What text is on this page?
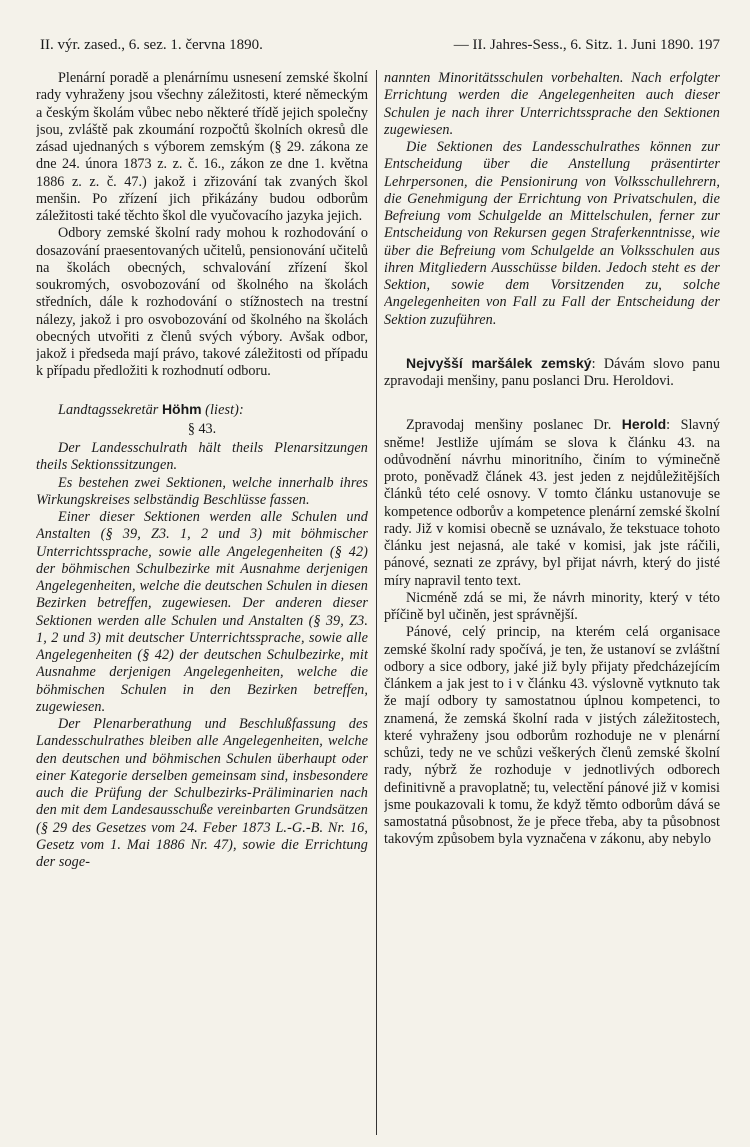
II. výr. zased., 6. sez. 1. června 1890.	— II. Jahres-Sess., 6. Sitz. 1. Juni 1890. 197

Plenární poradě a plenárnímu usnesení zemské školní rady vyhraženy jsou všechny záležitosti, které německým a českým školám vůbec nebo některé třídě jejich společny jsou, zvláště pak zkoumání rozpočtů školních okresů dle zásad ujednaných s výborem zemským (§ 29. zákona ze dne 24. února 1873 z. z. č. 16., zákon ze dne 1. května 1886 z. z. č. 47.) jakož i zřizování tak zvaných škol menšin. Po zřízení jich přikázány budou odborům záležitosti také těchto škol dle vyučovacího jazyka jejich.

Odbory zemské školní rady mohou k rozhodování o dosazování praesentovaných učitelů, pensionování učitelů na školách obecných, schvalování zřízení škol soukromých, osvobozování od školného na školách středních, dále k rozhodování o stížnostech na trestní nálezy, jakož i pro osvobozování od školného na školách obecných utvořiti z členů svých výbory. Avšak odbor, jakož i předseda mají právo, takové záležitosti od případu k případu předložiti k rozhodnutí odboru.

Landtagssekretär Höhm (liest):

§ 43.

Der Landesschulrath hält theils Plenarsitzungen theils Sektionssitzungen.

Es bestehen zwei Sektionen, welche innerhalb ihres Wirkungskreises selbständig Beschlüsse fassen.

Einer dieser Sektionen werden alle Schulen und Anstalten (§ 39, Z3. 1, 2 und 3) mit böhmischer Unterrichtssprache, sowie alle Angelegenheiten (§ 42) der böhmischen Schulbezirke mit Ausnahme derjenigen Angelegenheiten, welche die deutschen Schulen in diesen Bezirken betreffen, zugewiesen. Der anderen dieser Sektionen werden alle Schulen und Anstalten (§ 39, Z3. 1, 2 und 3) mit deutscher Unterrichtssprache, sowie alle Angelegenheiten (§ 42) der deutschen Schulbezirke, mit Ausnahme derjenigen Angelegenheiten, welche die böhmischen Schulen in den Bezirken betreffen, zugewiesen.

Der Plenarberathung und Beschlußfassung des Landesschulrathes bleiben alle Angelegenheiten, welche den deutschen und böhmischen Schulen überhaupt oder einer Kategorie derselben gemeinsam sind, insbesondere auch die Prüfung der Schulbezirks-Präliminarien nach den mit dem Landesausschuße vereinbarten Grundsätzen (§ 29 des Gesetzes vom 24. Feber 1873 L.-G.-B. Nr. 16, Gesetz vom 1. Mai 1886 Nr. 47), sowie die Errichtung der soge-

nannten Minoritätsschulen vorbehalten. Nach erfolgter Errichtung werden die Angelegenheiten auch dieser Schulen je nach ihrer Unterrichtssprache den Sektionen zugewiesen.

Die Sektionen des Landesschulrathes können zur Entscheidung über die Anstellung präsentirter Lehrpersonen, die Pensionirung von Volksschullehrern, die Genehmigung der Errichtung von Privatschulen, die Befreiung vom Schulgelde an Mittelschulen, ferner zur Entscheidung von Rekursen gegen Straferkenntnisse, wie über die Befreiung vom Schulgelde an Volksschulen aus ihren Mitgliedern Ausschüsse bilden. Jedoch steht es der Sektion, sowie dem Vorsitzenden zu, solche Angelegenheiten von Fall zu Fall der Entscheidung der Sektion zuzuführen.

Nejvyšší maršálek zemský: Dávám slovo panu zpravodaji menšiny, panu poslanci Dru. Heroldovi.

Zpravodaj menšiny poslanec Dr. Herold: Slavný sněme! Jestliže ujímám se slova k článku 43. na odůvodnění návrhu minoritního, činím to výminečně proto, poněvadž článek 43. jest jeden z nejdůležitějších článků této celé osnovy. V tomto článku ustanovuje se kompetence odborův a kompetence plenární zemské školní rady. Již v komisi obecně se uznávalo, že tekstuace tohoto článku jest nejasná, ale také v komisi, jak jste ráčili, pánové, seznati ze zprávy, byl přijat návrh, který do jisté míry napravil tento text.

Nicméně zdá se mi, že návrh minority, který v této příčině byl učiněn, jest správnější.

Pánové, celý princip, na kterém celá organisace zemské školní rady spočívá, je ten, že ustanoví se zvláštní odbory a sice odbory, jaké již byly přijaty předcházejícím článkem a jak jest to i v článku 43. výslovně vytknuto tak že mají odbory ty samostatnou úplnou kompetenci, to znamená, že zemská školní rada v jistých záležitostech, které vyhraženy jsou odborům rozhoduje ne v plenární schůzi, tedy ne ve schůzi veškerých členů zemské školní rady, nýbrž že rozhoduje v jednotlivých odborech definitivně a pravoplatně; tu, velectění pánové již v komisi jsme poukazovali k tomu, že když těmto odborům dává se samostatná působnost, že je přece třeba, aby ta působnost takovým způsobem byla vyznačena v zákonu, aby nebylo
